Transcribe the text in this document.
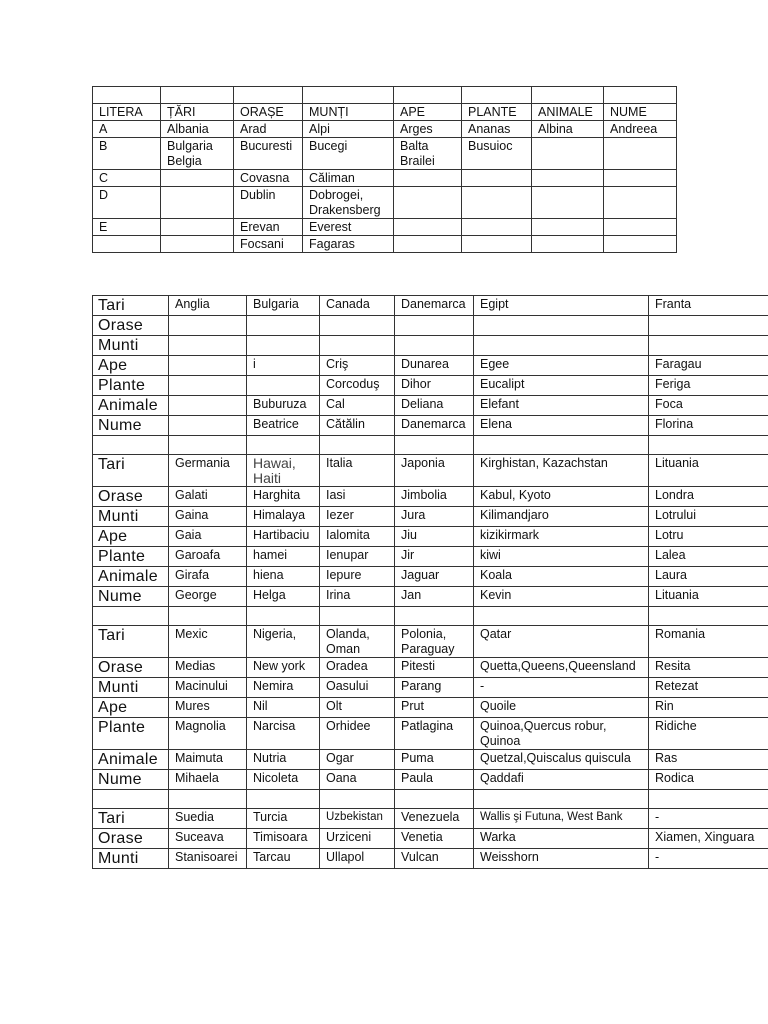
LITERA	ȚĂRI	ORAȘE	MUNȚI	APE	PLANTE	ANIMALE	NUME
A	Albania	Arad	Alpi	Arges	Ananas	Albina	Andreea
B	Bulgaria Belgia	Bucuresti	Bucegi	Balta Brailei	Busuioc		
C		Covasna	Căliman				
D		Dublin	Dobrogei, Drakensberg				
E		Erevan	Everest				
		Focsani	Fagaras				
Tari	Anglia	Bulgaria	Canada	Danemarca	Egipt	Franta
Orase						
Munti						
Ape		i	Criş	Dunarea	Egee	Faragau
Plante			Corcoduş	Dihor	Eucalipt	Feriga
Animale		Buburuza	Cal	Deliana	Elefant	Foca
Nume		Beatrice	Cătălin	Danemarca	Elena	Florina

Tari	Germania	Hawai, Haiti	Italia	Japonia	Kirghistan, Kazachstan	Lituania
Orase	Galati	Harghita	Iasi	Jimbolia	Kabul, Kyoto	Londra
Munti	Gaina	Himalaya	Iezer	Jura	Kilimandjaro	Lotrului
Ape	Gaia	Hartibaciu	Ialomita	Jiu	kizikirmark	Lotru
Plante	Garoafa	hamei	Ienupar	Jir	kiwi	Lalea
Animale	Girafa	hiena	Iepure	Jaguar	Koala	Laura
Nume	George	Helga	Irina	Jan	Kevin	Lituania

Tari	Mexic	Nigeria,	Olanda, Oman	Polonia, Paraguay	Qatar	Romania
Orase	Medias	New york	Oradea	Pitesti	Quetta,Queens,Queensland	Resita
Munti	Macinului	Nemira	Oasului	Parang	-	Retezat
Ape	Mures	Nil	Olt	Prut	Quoile	Rin
Plante	Magnolia	Narcisa	Orhidee	Patlagina	Quinoa,Quercus robur, Quinoa	Ridiche
Animale	Maimuta	Nutria	Ogar	Puma	Quetzal,Quiscalus quiscula	Ras
Nume	Mihaela	Nicoleta	Oana	Paula	Qaddafi	Rodica

Tari	Suedia	Turcia	Uzbekistan	Venezuela	Wallis şi Futuna, West Bank	-
Orase	Suceava	Timisoara	Urziceni	Venetia	Warka	Xiamen, Xinguara
Munti	Stanisoarei	Tarcau	Ullapol	Vulcan	Weisshorn	-
